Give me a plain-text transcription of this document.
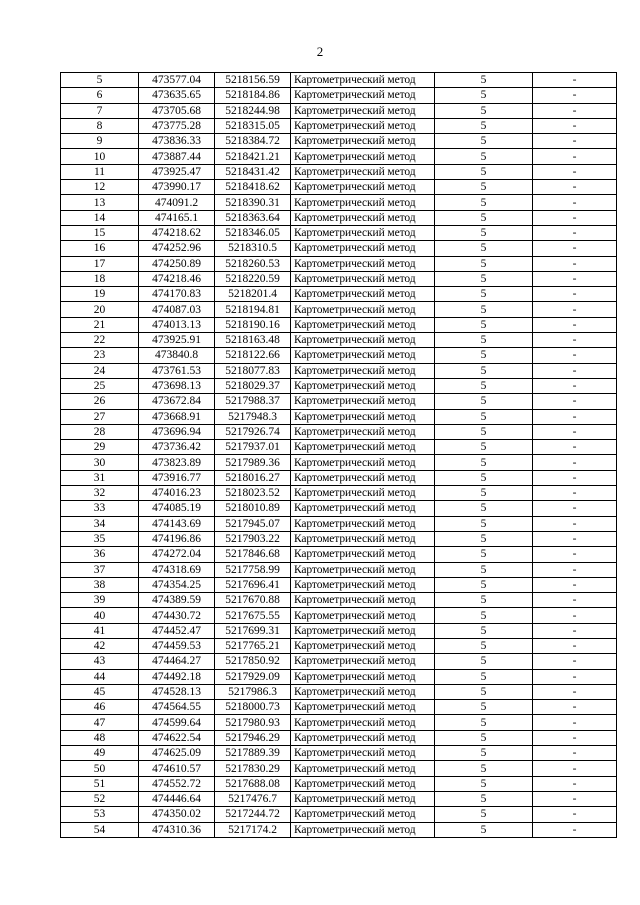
2
5	473577.04	5218156.59	Картометрический метод	5	-
6	473635.65	5218184.86	Картометрический метод	5	-
7	473705.68	5218244.98	Картометрический метод	5	-
8	473775.28	5218315.05	Картометрический метод	5	-
9	473836.33	5218384.72	Картометрический метод	5	-
10	473887.44	5218421.21	Картометрический метод	5	-
11	473925.47	5218431.42	Картометрический метод	5	-
12	473990.17	5218418.62	Картометрический метод	5	-
13	474091.2	5218390.31	Картометрический метод	5	-
14	474165.1	5218363.64	Картометрический метод	5	-
15	474218.62	5218346.05	Картометрический метод	5	-
16	474252.96	5218310.5	Картометрический метод	5	-
17	474250.89	5218260.53	Картометрический метод	5	-
18	474218.46	5218220.59	Картометрический метод	5	-
19	474170.83	5218201.4	Картометрический метод	5	-
20	474087.03	5218194.81	Картометрический метод	5	-
21	474013.13	5218190.16	Картометрический метод	5	-
22	473925.91	5218163.48	Картометрический метод	5	-
23	473840.8	5218122.66	Картометрический метод	5	-
24	473761.53	5218077.83	Картометрический метод	5	-
25	473698.13	5218029.37	Картометрический метод	5	-
26	473672.84	5217988.37	Картометрический метод	5	-
27	473668.91	5217948.3	Картометрический метод	5	-
28	473696.94	5217926.74	Картометрический метод	5	-
29	473736.42	5217937.01	Картометрический метод	5	-
30	473823.89	5217989.36	Картометрический метод	5	-
31	473916.77	5218016.27	Картометрический метод	5	-
32	474016.23	5218023.52	Картометрический метод	5	-
33	474085.19	5218010.89	Картометрический метод	5	-
34	474143.69	5217945.07	Картометрический метод	5	-
35	474196.86	5217903.22	Картометрический метод	5	-
36	474272.04	5217846.68	Картометрический метод	5	-
37	474318.69	5217758.99	Картометрический метод	5	-
38	474354.25	5217696.41	Картометрический метод	5	-
39	474389.59	5217670.88	Картометрический метод	5	-
40	474430.72	5217675.55	Картометрический метод	5	-
41	474452.47	5217699.31	Картометрический метод	5	-
42	474459.53	5217765.21	Картометрический метод	5	-
43	474464.27	5217850.92	Картометрический метод	5	-
44	474492.18	5217929.09	Картометрический метод	5	-
45	474528.13	5217986.3	Картометрический метод	5	-
46	474564.55	5218000.73	Картометрический метод	5	-
47	474599.64	5217980.93	Картометрический метод	5	-
48	474622.54	5217946.29	Картометрический метод	5	-
49	474625.09	5217889.39	Картометрический метод	5	-
50	474610.57	5217830.29	Картометрический метод	5	-
51	474552.72	5217688.08	Картометрический метод	5	-
52	474446.64	5217476.7	Картометрический метод	5	-
53	474350.02	5217244.72	Картометрический метод	5	-
54	474310.36	5217174.2	Картометрический метод	5	-
